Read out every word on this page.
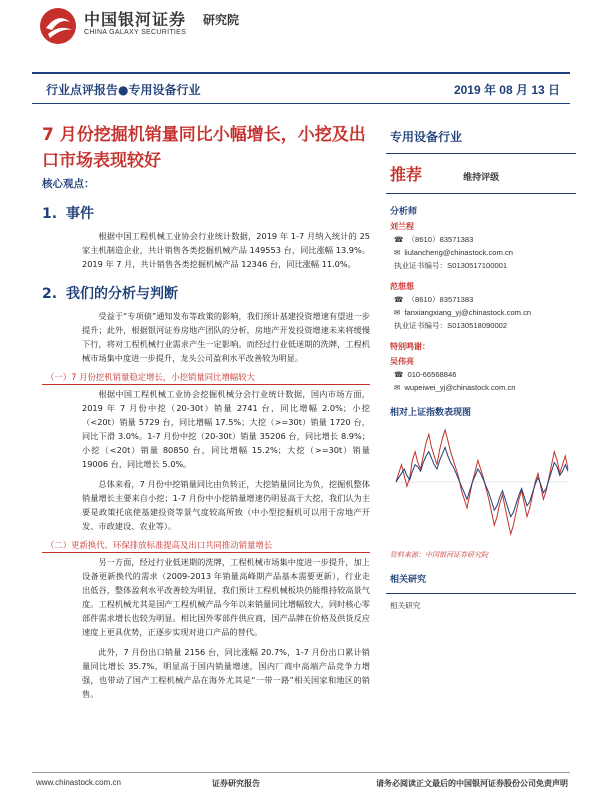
中国银河证券
CHINA GALAXY SECURITIES
研究院
行业点评报告●专用设备行业	2019 年 08 月 13 日
7 月份挖掘机销量同比小幅增长，小挖及出口市场表现较好
核心观点：
1. 事件

根据中国工程机械工业协会行业统计数据，2019 年 1-7 月纳入统计的 25 家主机制造企业，共计销售各类挖掘机械产品 149553 台，同比涨幅 13.9%。2019 年 7 月，共计销售各类挖掘机械产品 12346 台，同比涨幅 11.0%。

2. 我们的分析与判断

受益于“专项债”通知发布等政策的影响，我们预计基建投资增速有望进一步提升；此外，根据银河证券房地产团队的分析，房地产开发投资增速未来将缓慢下行，将对工程机械行业需求产生一定影响。而经过行业低迷期的洗牌，工程机械市场集中度进一步提升，龙头公司盈利水平改善较为明显。

（一）7 月份挖机销量稳定增长，小挖销量同比增幅较大

根据中国工程机械工业协会挖掘机械分会行业统计数据，国内市场方面，2019 年 7 月份中挖（20-30t）销量 2741 台，同比增幅 2.0%；小挖（<20t）销量 5729 台，同比增幅 17.5%；大挖（>=30t）销量 1720 台，同比下滑 3.0%。1-7 月份中挖（20-30t）销量 35206 台，同比增长 8.9%；小挖（<20t）销量 80850 台，同比增幅 15.2%；大挖（>=30t）销量 19006 台，同比增长 5.0%。

总体来看，7 月份中挖销量同比由负转正，大挖销量同比为负，挖掘机整体销量增长主要来自小挖；1-7 月份中小挖销量增速仍明显高于大挖，我们认为主要是政策托底使基建投资等景气度较高所致（中小型挖掘机可以用于房地产开发、市政建设、农业等）。

（二）更新换代、环保排放标准提高及出口共同推动销量增长

另一方面，经过行业低迷期的洗牌，工程机械市场集中度进一步提升，加上设备更新换代的需求（2009-2013 年销量高峰期产品基本需要更新），行业走出低谷，整体盈利水平改善较为明显，我们预计工程机械板块仍能维持较高景气度。工程机械尤其是国产工程机械产品今年以来销量同比增幅较大，同时核心零部件需求增长也较为明显。相比国外零部件供应商，国产品牌在价格及供货反应速度上更具优势，正逐步实现对进口产品的替代。

此外，7 月份出口销量 2156 台，同比涨幅 20.7%，1-7 月份出口累计销量同比增长 35.7%，明显高于国内销量增速，国内厂商中高端产品竞争力增强，也带动了国产工程机械产品在海外尤其是“一带一路”相关国家和地区的销售。

专用设备行业
推荐	维持评级
分析师
刘兰程
☎ （8610）83571383
✉ liulancheng@chinastock.com.cn
执业证书编号：S0130517100001
范想想
☎ （8610）83571383
✉ fanxiangxiang_yj@chinastock.com.cn
执业证书编号：S0130518090002
特别鸣谢：
吴伟亮
☎ 010-66568846
✉ wupeiwei_yj@chinastock.com.cn
相对上证指数表现图
资料来源：中国银河证券研究院
相关研究
相关研究
www.chinastock.com.cn	证券研究报告	请务必阅读正文最后的中国银河证券股份公司免责声明
